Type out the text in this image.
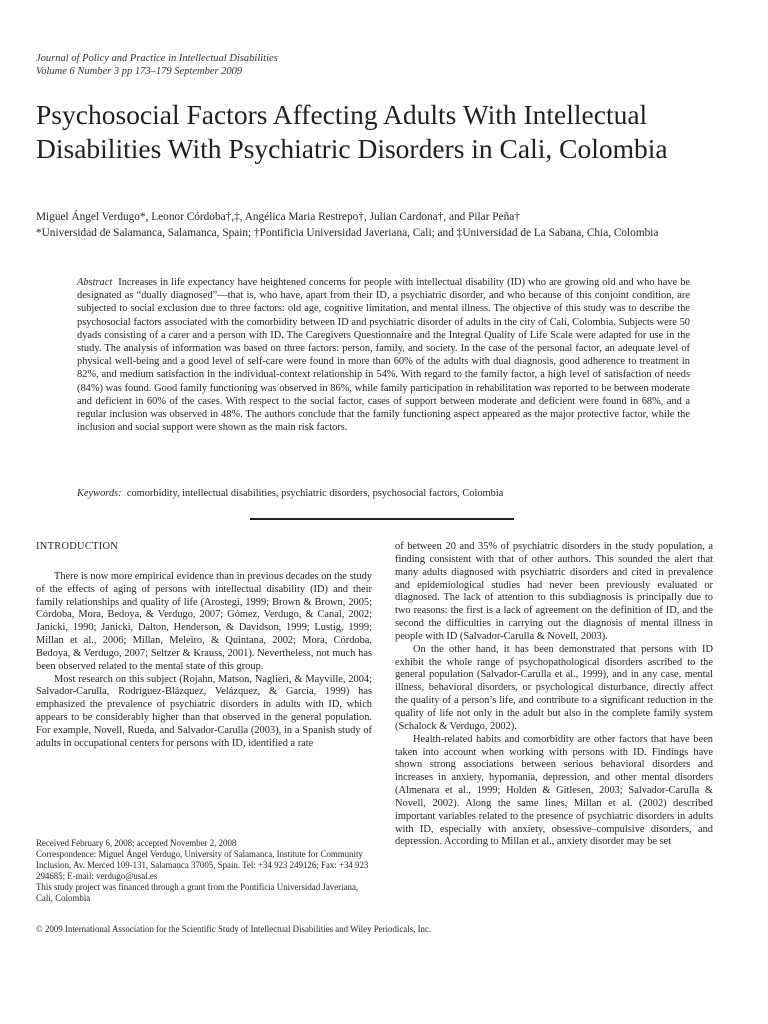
Journal of Policy and Practice in Intellectual Disabilities
Volume 6 Number 3 pp 173–179 September 2009
Psychosocial Factors Affecting Adults With Intellectual Disabilities With Psychiatric Disorders in Cali, Colombia
Miguel Ángel Verdugo*, Leonor Córdoba†,‡, Angélica Maria Restrepo†, Julian Cardona†, and Pilar Peña†
*Universidad de Salamanca, Salamanca, Spain; †Pontificia Universidad Javeriana, Cali; and ‡Universidad de La Sabana, Chia, Colombia
Abstract Increases in life expectancy have heightened concerns for people with intellectual disability (ID) who are growing old and who have be designated as “dually diagnosed”—that is, who have, apart from their ID, a psychiatric disorder, and who because of this conjoint condition, are subjected to social exclusion due to three factors: old age, cognitive limitation, and mental illness. The objective of this study was to describe the psychosocial factors associated with the comorbidity between ID and psychiatric disorder of adults in the city of Cali, Colombia. Subjects were 50 dyads consisting of a carer and a person with ID. The Caregivers Questionnaire and the Integral Quality of Life Scale were adapted for use in the study. The analysis of information was based on three factors: person, family, and society. In the case of the personal factor, an adequate level of physical well-being and a good level of self-care were found in more than 60% of the adults with dual diagnosis, good adherence to treatment in 82%, and medium satisfaction in the individual-context relationship in 54%. With regard to the family factor, a high level of satisfaction of needs (84%) was found. Good family functioning was observed in 86%, while family participation in rehabilitation was reported to be between moderate and deficient in 60% of the cases. With respect to the social factor, cases of support between moderate and deficient were found in 68%, and a regular inclusion was observed in 48%. The authors conclude that the family functioning aspect appeared as the major protective factor, while the inclusion and social support were shown as the main risk factors.
Keywords: comorbidity, intellectual disabilities, psychiatric disorders, psychosocial factors, Colombia
INTRODUCTION

There is now more empirical evidence than in previous decades on the study of the effects of aging of persons with intellectual disability (ID) and their family relationships and quality of life (Arostegi, 1999; Brown & Brown, 2005; Córdoba, Mora, Bedoya, & Verdugo, 2007; Gómez, Verdugo, & Canal, 2002; Janicki, 1990; Janicki, Dalton, Henderson, & Davidson, 1999; Lustig, 1999; Millan et al., 2006; Millan, Meleiro, & Quintana, 2002; Mora, Córdoba, Bedoya, & Verdugo, 2007; Seltzer & Krauss, 2001). Nevertheless, not much has been observed related to the mental state of this group.

Most research on this subject (Rojahn, Matson, Naglieri, & Mayville, 2004; Salvador-Carulla, Rodríguez-Blázquez, Velázquez, & García, 1999) has emphasized the prevalence of psychiatric disorders in adults with ID, which appears to be considerably higher than that observed in the general population. For example, Novell, Rueda, and Salvador-Carulla (2003), in a Spanish study of adults in occupational centers for persons with ID, identified a rate

of between 20 and 35% of psychiatric disorders in the study population, a finding consistent with that of other authors. This sounded the alert that many adults diagnosed with psychiatric disorders and cited in prevalence and epidemiological studies had never been previously evaluated or diagnosed. The lack of attention to this subdiagnosis is principally due to two reasons: the first is a lack of agreement on the definition of ID, and the second the difficulties in carrying out the diagnosis of mental illness in people with ID (Salvador-Carulla & Novell, 2003).

On the other hand, it has been demonstrated that persons with ID exhibit the whole range of psychopathological disorders ascribed to the general population (Salvador-Carulla et al., 1999), and in any case, mental illness, behavioral disorders, or psychological disturbance, directly affect the quality of a person’s life, and contribute to a significant reduction in the quality of life not only in the adult but also in the complete family system (Schalock & Verdugo, 2002).

Health-related habits and comorbidity are other factors that have been taken into account when working with persons with ID. Findings have shown strong associations between serious behavioral disorders and increases in anxiety, hypomania, depression, and other mental disorders (Almenara et al., 1999; Holden & Gitlesen, 2003; Salvador-Carulla & Novell, 2002). Along the same lines, Millan et al. (2002) described important variables related to the presence of psychiatric disorders in adults with ID, especially with anxiety, obsessive–compulsive disorders, and depression. According to Millan et al., anxiety disorder may be set

Received February 6, 2008; accepted November 2, 2008
Correspondence: Miguel Ángel Verdugo, University of Salamanca, Institute for Community Inclusion, Av. Merced 109-131, Salamanca 37005, Spain. Tel: +34 923 249126; Fax: +34 923 294685; E-mail: verdugo@usal.es
This study project was financed through a grant from the Pontificia Universidad Javeriana, Cali, Colombia
© 2009 International Association for the Scientific Study of Intellectual Disabilities and Wiley Periodicals, Inc.
